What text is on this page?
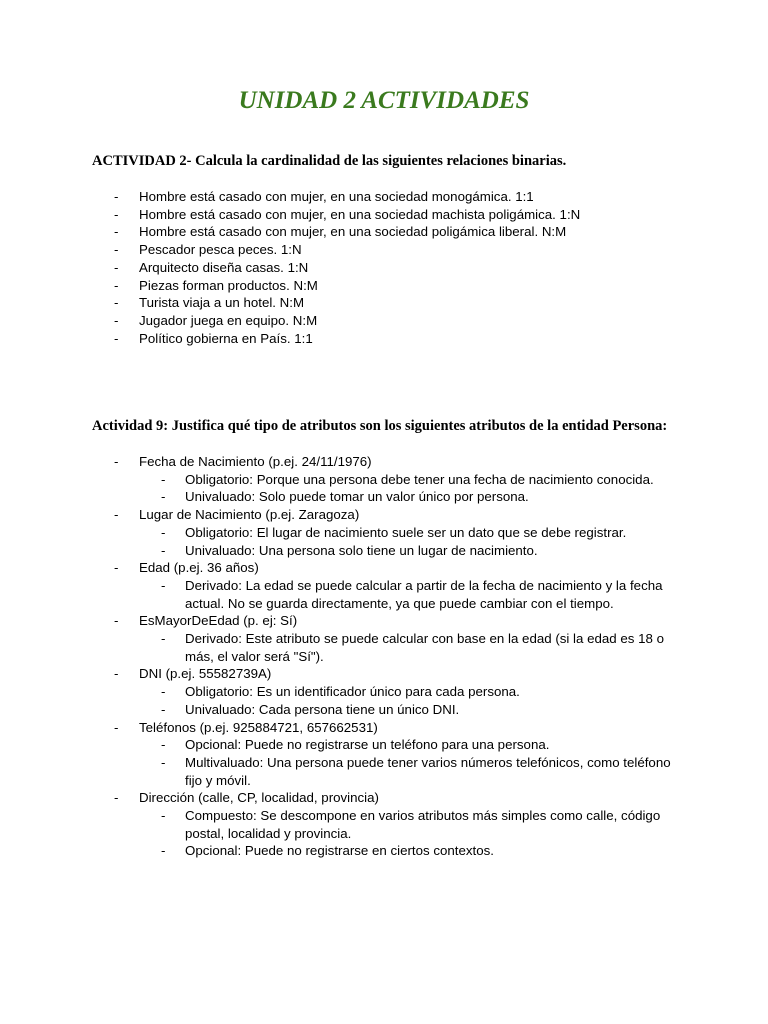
UNIDAD 2 ACTIVIDADES

ACTIVIDAD 2- Calcula la cardinalidad de las siguientes relaciones binarias.

- Hombre está casado con mujer, en una sociedad monogámica. 1:1
- Hombre está casado con mujer, en una sociedad machista poligámica. 1:N
- Hombre está casado con mujer, en una sociedad poligámica liberal. N:M
- Pescador pesca peces. 1:N
- Arquitecto diseña casas. 1:N
- Piezas forman productos. N:M
- Turista viaja a un hotel. N:M
- Jugador juega en equipo. N:M
- Político gobierna en País. 1:1

Actividad 9: Justifica qué tipo de atributos son los siguientes atributos de la entidad Persona:

- Fecha de Nacimiento (p.ej. 24/11/1976)
- Obligatorio: Porque una persona debe tener una fecha de nacimiento conocida.
- Univaluado: Solo puede tomar un valor único por persona.
- Lugar de Nacimiento (p.ej. Zaragoza)
- Obligatorio: El lugar de nacimiento suele ser un dato que se debe registrar.
- Univaluado: Una persona solo tiene un lugar de nacimiento.
- Edad (p.ej. 36 años)
- Derivado: La edad se puede calcular a partir de la fecha de nacimiento y la fecha actual. No se guarda directamente, ya que puede cambiar con el tiempo.
- EsMayorDeEdad (p. ej: Sí)
- Derivado: Este atributo se puede calcular con base en la edad (si la edad es 18 o más, el valor será "Sí").
- DNI (p.ej. 55582739A)
- Obligatorio: Es un identificador único para cada persona.
- Univaluado: Cada persona tiene un único DNI.
- Teléfonos (p.ej. 925884721, 657662531)
- Opcional: Puede no registrarse un teléfono para una persona.
- Multivaluado: Una persona puede tener varios números telefónicos, como teléfono fijo y móvil.
- Dirección (calle, CP, localidad, provincia)
- Compuesto: Se descompone en varios atributos más simples como calle, código postal, localidad y provincia.
- Opcional: Puede no registrarse en ciertos contextos.
